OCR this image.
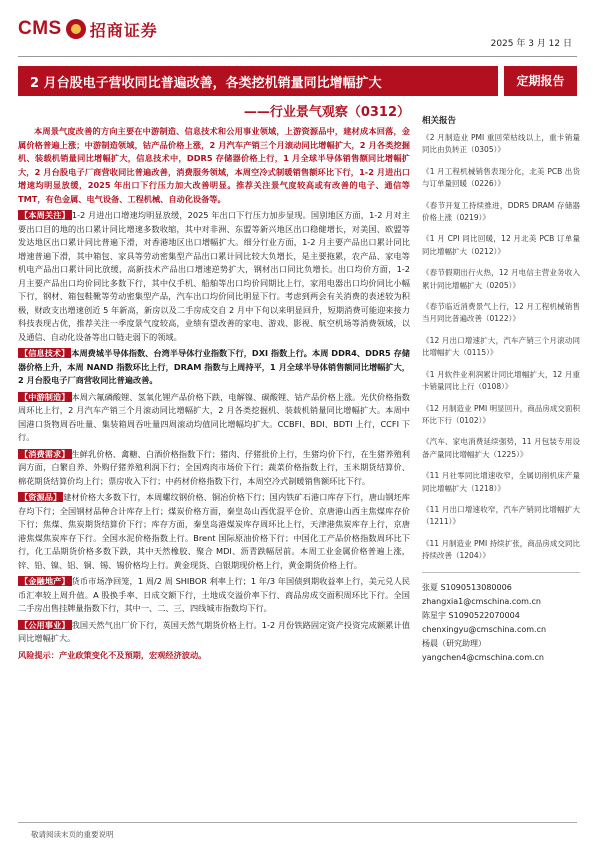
CMS 招商证券
2025 年 3 月 12 日
2 月台股电子营收同比普遍改善，各类挖机销量同比增幅扩大	定期报告
——行业景气观察（0312）

本周景气度改善的方向主要在中游制造、信息技术和公用事业领域，上游资源品中，建材成本回落，金属价格普遍上涨；中游制造领域，钴产品价格上涨，2 月汽车产销三个月滚动同比增幅扩大，2 月各类挖掘机、装载机销量同比增幅扩大，信息技术中，DDR5 存储器价格上行，1 月全球半导体销售额同比增幅扩大，2 月台股电子厂商营收同比普遍改善，消费服务领域，本周空冷式制暖销售额环比下行，1-2 月进出口增速均明显放缓，2025 年出口下行压力加大改善明显。推荐关注景气度较高或有改善的电子、通信等 TMT，有色金属、电气设备、工程机械、自动化设备等。

【本周关注】 1-2 月进出口增速均明显放缓，2025 年出口下行压力加步显现。国别地区方面，1-2 月对主要出口目的地的出口累计同比增速多数收缩，其中对非洲、东盟等新兴地区出口稳健增长，对美国、欧盟等发达地区出口累计同比普遍下滑，对香港地区出口增幅扩大。细分行业方面，1-2 月主要产品出口累计同比增速普遍下滑，其中箱包、家具等劳动密集型产品出口累计同比较大负增长，是主要拖累，农产品、家电等机电产品出口累计同比放缓，高新技术产品出口增速逆势扩大，钢材出口同比负增长。出口均价方面，1-2 月主要产品出口均价同比多数下行，其中仪手机、船舶等出口均价同期比上行，家用电器出口均价同比小幅下行，钢材、箱包鞋靴等劳动密集型产品，汽车出口均价同比明显下行。考虑到两会有关消费的表述较为积极，财政支出增速创近 5 年新高，新房以及二手房成交自 2 月中下旬以来明显回升，短期消费可能迎来接力科技表现占优，推荐关注一季度景气度较高，业绩有望改善的家电、游戏、影视、航空机场等消费领域，以及通信、自动化设备等出口链走弱下的领域。

【信息技术】 本周费城半导体指数、台湾半导体行业指数下行，DXI 指数上行。本周 DDR4、DDR5 存储器价格上升，本周 NAND 指数环比上行，DRAM 指数与上周持平，1 月全球半导体销售额同比增幅扩大，2 月台股电子厂商营收同比普遍改善。

【中游制造】 本周六氟磷酸锂、氢氧化锂产品价格下跌，电解镍、碳酸锂、钴产品价格上涨。光伏价格指数周环比上行，2 月汽车产销三个月滚动同比增幅扩大，2 月各类挖掘机、装载机销量同比增幅扩大。本周中国港口货物周吞吐量、集装箱周吞吐量四周滚动均值同比增幅均扩大。CCBFI、BDI、BDTI 上行，CCFI 下行。

【消费需求】 生鲜乳价格、禽糖、白酒价格指数下行；猪肉、仔猪批价上行，生猪均价下行，在生猪养殖利润方面，白繁自养、外购仔猪养殖利润下行；全国鸡肉市场价下行；蔬菜价格指数上行，玉米期货结算价、棉花期货结算价均上行；票房收入下行；中药材价格指数下行，本周空冷式制暖销售额环比下行。

【资源品】 建材价格大多数下行，本周螺纹钢价格、铜冶价格下行；国内铁矿石港口库存下行，唐山钢坯库存均下行；全国钢材品种合计库存上行；煤炭价格方面，秦皇岛山西优混平仓价、京唐港山西主焦煤库存价下行；焦煤、焦炭期货结算价下行；库存方面，秦皇岛港煤炭库存周环比上行，天津港焦炭库存上行，京唐港焦煤焦炭库存下行。全国水泥价格指数上行。Brent 国际原油价格下行；中国化工产品价格指数周环比下行，化工品期货价格多数下跌，其中天然橡胶、聚合 MDI、沥青跌幅居前。本周工业金属价格普遍上涨，锌、铅、镍、铝、铜、锡、锡价格均上行。黄金现货、白银期现价格上行，黄金期货价格上行。

【金融地产】 货币市场净回笼，1 周/2 周 SHIBOR 利率上行；1 年/3 年国债到期收益率上行，美元兑人民币汇率较上周升值。A 股换手率、日成交额下行，土地成交溢价率下行、商品房成交面积周环比下行。全国二手房出售挂牌量指数下行，其中一、二、三、四线城市指数均下行。

【公用事业】 我国天然气出厂价下行，英国天然气期货价格上行。1-2 月份铁路固定资产投资完成额累计值同比增幅扩大。

风险提示：产业政策变化不及预期，宏观经济波动。

相关报告
《2 月制造业 PMI 重回荣枯线以上，重卡销量同比由负转正（0305）》
《1 月工程机械销售表现分化，北美 PCB 出货与订单量回暖（0226）》
《春节开复工持续推进，DDR5 DRAM 存储器价格上涨（0219）》
《1 月 CPI 同比回暖，12 月北美 PCB 订单量同比增幅扩大（0212）》
《春节假期出行火热，12 月电信主营业务收入累计同比增幅扩大（0205）》
《春节临近消费景气上行，12 月工程机械销售当月同比普遍改善（0122）》
《12 月出口增速扩大，汽车产销三个月滚动同比增幅扩大（0115）》
《1 月软件业利润累计同比增幅扩大，12 月重卡销量同比上行（0108）》
《12 月制造业 PMI 明显回升，商品房成交面积环比下行（0102）》
《汽车、家电消费延续强势，11 月包装专用设备产量同比增幅扩大（1225）》
《11 月社零同比增速收窄，全属切削机床产量同比增幅扩大（1218）》
《11 月出口增速收窄，汽车产销同比增幅扩大（1211）》
《11 月制造业 PMI 持续扩张，商品房成交同比持续改善（1204）》
张夏 S1090513080006
zhangxia1@cmschina.com.cn
陈星宇 S1090522070004
chenxingyu@cmschina.com.cn
杨晨（研究助理）
yangchen4@cmschina.com.cn
敬请阅读末页的重要说明
